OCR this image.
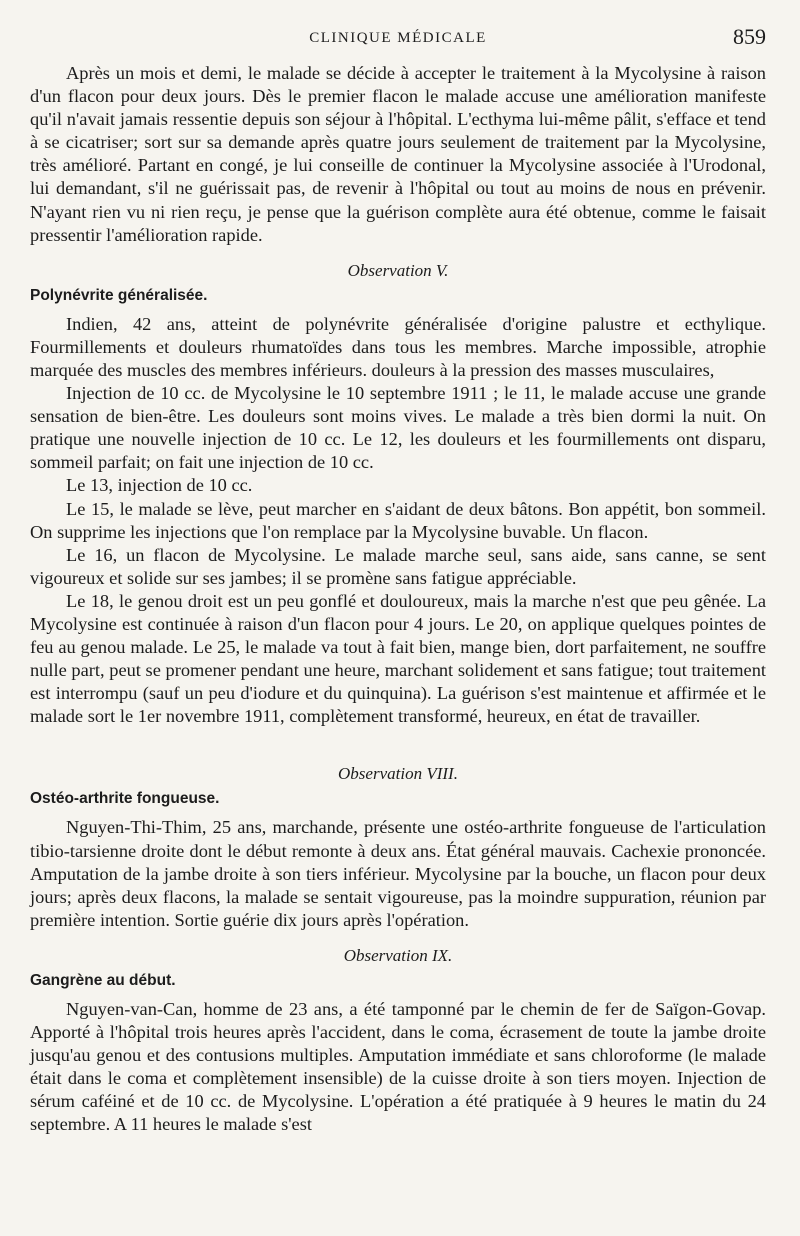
CLINIQUE MÉDICALE	859

Après un mois et demi, le malade se décide à accepter le traitement à la Mycolysine à raison d'un flacon pour deux jours. Dès le premier flacon le malade accuse une amélioration manifeste qu'il n'avait jamais ressentie depuis son séjour à l'hôpital. L'ecthyma lui-même pâlit, s'efface et tend à se cicatriser; sort sur sa demande après quatre jours seulement de traitement par la Mycolysine, très amélioré. Partant en congé, je lui conseille de continuer la Mycolysine associée à l'Urodonal, lui demandant, s'il ne guérissait pas, de revenir à l'hôpital ou tout au moins de nous en prévenir. N'ayant rien vu ni rien reçu, je pense que la guérison complète aura été obtenue, comme le faisait pressentir l'amélioration rapide.

Observation V.
Polynévrite généralisée.

Indien, 42 ans, atteint de polynévrite généralisée d'origine palustre et ecthylique. Fourmillements et douleurs rhumatoïdes dans tous les membres. Marche impossible, atrophie marquée des muscles des membres inférieurs. douleurs à la pression des masses musculaires,

Injection de 10 cc. de Mycolysine le 10 septembre 1911 ; le 11, le malade accuse une grande sensation de bien-être. Les douleurs sont moins vives. Le malade a très bien dormi la nuit. On pratique une nouvelle injection de 10 cc. Le 12, les douleurs et les fourmillements ont disparu, sommeil parfait; on fait une injection de 10 cc.

Le 13, injection de 10 cc.

Le 15, le malade se lève, peut marcher en s'aidant de deux bâtons. Bon appétit, bon sommeil. On supprime les injections que l'on remplace par la Mycolysine buvable. Un flacon.

Le 16, un flacon de Mycolysine. Le malade marche seul, sans aide, sans canne, se sent vigoureux et solide sur ses jambes; il se promène sans fatigue appréciable.

Le 18, le genou droit est un peu gonflé et douloureux, mais la marche n'est que peu gênée. La Mycolysine est continuée à raison d'un flacon pour 4 jours. Le 20, on applique quelques pointes de feu au genou malade. Le 25, le malade va tout à fait bien, mange bien, dort parfaitement, ne souffre nulle part, peut se promener pendant une heure, marchant solidement et sans fatigue; tout traitement est interrompu (sauf un peu d'iodure et du quinquina). La guérison s'est maintenue et affirmée et le malade sort le 1er novembre 1911, complètement transformé, heureux, en état de travailler.

Observation VIII.
Ostéo-arthrite fongueuse.

Nguyen-Thi-Thim, 25 ans, marchande, présente une ostéo-arthrite fongueuse de l'articulation tibio-tarsienne droite dont le début remonte à deux ans. État général mauvais. Cachexie prononcée. Amputation de la jambe droite à son tiers inférieur. Mycolysine par la bouche, un flacon pour deux jours; après deux flacons, la malade se sentait vigoureuse, pas la moindre suppuration, réunion par première intention. Sortie guérie dix jours après l'opération.

Observation IX.
Gangrène au début.

Nguyen-van-Can, homme de 23 ans, a été tamponné par le chemin de fer de Saïgon-Govap. Apporté à l'hôpital trois heures après l'accident, dans le coma, écrasement de toute la jambe droite jusqu'au genou et des contusions multiples. Amputation immédiate et sans chloroforme (le malade était dans le coma et complètement insensible) de la cuisse droite à son tiers moyen. Injection de sérum caféiné et de 10 cc. de Mycolysine. L'opération a été pratiquée à 9 heures le matin du 24 septembre. A 11 heures le malade s'est
